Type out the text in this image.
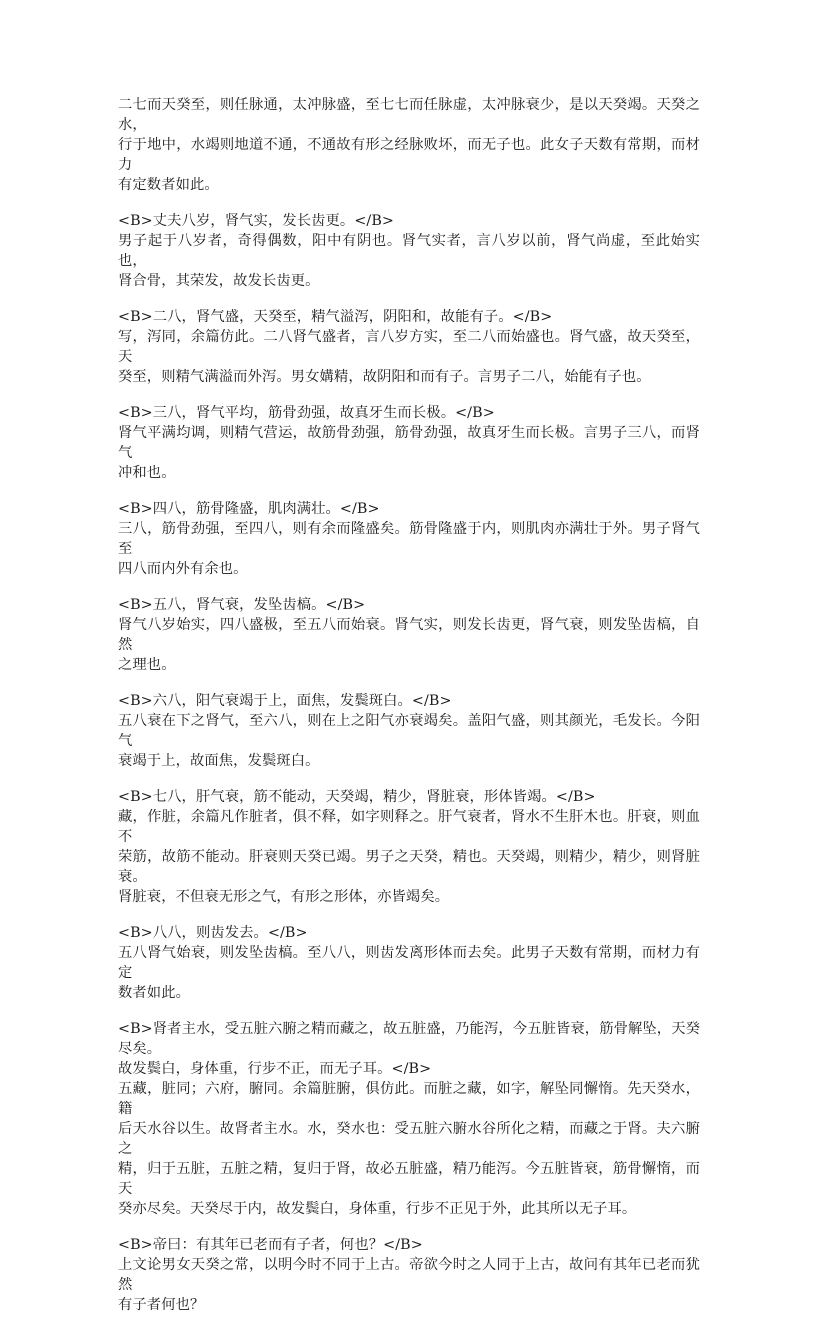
二七而天癸至，则任脉通，太冲脉盛，至七七而任脉虚，太冲脉衰少，是以天癸竭。天癸之水，
行于地中，水竭则地道不通，不通故有形之经脉败坏，而无子也。此女子天数有常期，而材力
有定数者如此。

<B>丈夫八岁，肾气实，发长齿更。</B>
男子起于八岁者，奇得偶数，阳中有阴也。肾气实者，言八岁以前，肾气尚虚，至此始实也，
肾合骨，其荣发，故发长齿更。

<B>二八，肾气盛，天癸至，精气溢泻，阴阳和，故能有子。</B>
写，泻同，余篇仿此。二八肾气盛者，言八岁方实，至二八而始盛也。肾气盛，故天癸至，天
癸至，则精气满溢而外泻。男女媾精，故阴阳和而有子。言男子二八，始能有子也。

<B>三八，肾气平均，筋骨劲强，故真牙生而长极。</B>
肾气平满均调，则精气营运，故筋骨劲强，筋骨劲强，故真牙生而长极。言男子三八，而肾气
冲和也。

<B>四八，筋骨隆盛，肌肉满壮。</B>
三八，筋骨劲强，至四八，则有余而隆盛矣。筋骨隆盛于内，则肌肉亦满壮于外。男子肾气至
四八而内外有余也。

<B>五八，肾气衰，发坠齿槁。</B>
肾气八岁始实，四八盛极，至五八而始衰。肾气实，则发长齿更，肾气衰，则发坠齿槁，自然
之理也。

<B>六八，阳气衰竭于上，面焦，发鬓斑白。</B>
五八衰在下之肾气，至六八，则在上之阳气亦衰竭矣。盖阳气盛，则其颜光，毛发长。今阳气
衰竭于上，故面焦，发鬓斑白。

<B>七八，肝气衰，筋不能动，天癸竭，精少，肾脏衰，形体皆竭。</B>
藏，作脏，余篇凡作脏者，俱不释，如字则释之。肝气衰者，肾水不生肝木也。肝衰，则血不
荣筋，故筋不能动。肝衰则天癸已竭。男子之天癸，精也。天癸竭，则精少，精少，则肾脏衰。
肾脏衰，不但衰无形之气，有形之形体，亦皆竭矣。

<B>八八，则齿发去。</B>
五八肾气始衰，则发坠齿槁。至八八，则齿发离形体而去矣。此男子天数有常期，而材力有定
数者如此。

<B>肾者主水，受五脏六腑之精而藏之，故五脏盛，乃能泻，今五脏皆衰，筋骨解坠，天癸尽矣。
故发鬓白，身体重，行步不正，而无子耳。</B>
五藏，脏同；六府，腑同。余篇脏腑，俱仿此。而脏之藏，如字，解坠同懈惰。先天癸水，籍
后天水谷以生。故肾者主水。水，癸水也：受五脏六腑水谷所化之精，而藏之于肾。夫六腑之
精，归于五脏，五脏之精，复归于肾，故必五脏盛，精乃能泻。今五脏皆衰，筋骨懈惰，而天
癸亦尽矣。天癸尽于内，故发鬓白，身体重，行步不正见于外，此其所以无子耳。

<B>帝曰：有其年已老而有子者，何也？</B>
上文论男女天癸之常，以明今时不同于上古。帝欲今时之人同于上古，故问有其年已老而犹然
有子者何也？
